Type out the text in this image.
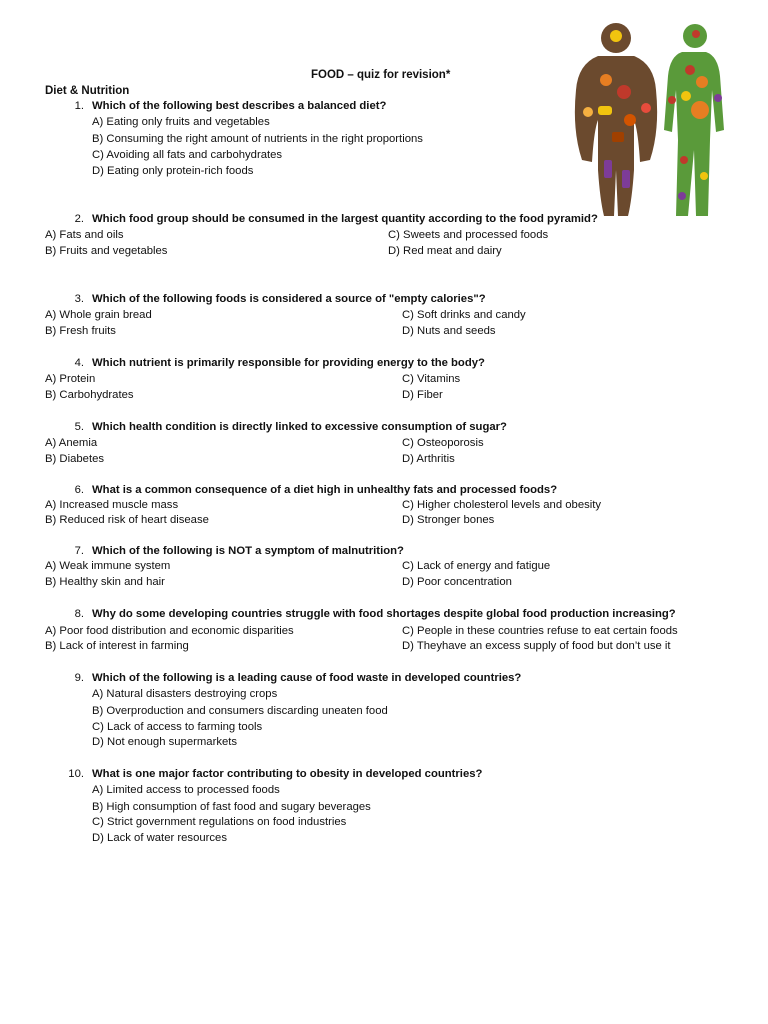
FOOD – quiz for revision*
Diet & Nutrition
1. Which of the following best describes a balanced diet?
A) Eating only fruits and vegetables
B) Consuming the right amount of nutrients in the right proportions
C) Avoiding all fats and carbohydrates
D) Eating only protein-rich foods
2. Which food group should be consumed in the largest quantity according to the food pyramid?
A) Fats and oils	C) Sweets and processed foods
B) Fruits and vegetables	D) Red meat and dairy
3. Which of the following foods is considered a source of "empty calories"?
A) Whole grain bread	C) Soft drinks and candy
B) Fresh fruits	D) Nuts and seeds
4. Which nutrient is primarily responsible for providing energy to the body?
A) Protein	C) Vitamins
B) Carbohydrates	D) Fiber
5. Which health condition is directly linked to excessive consumption of sugar?
A) Anemia	C) Osteoporosis
B) Diabetes	D) Arthritis
6. What is a common consequence of a diet high in unhealthy fats and processed foods?
A) Increased muscle mass	C) Higher cholesterol levels and obesity
B) Reduced risk of heart disease	D) Stronger bones
7. Which of the following is NOT a symptom of malnutrition?
A) Weak immune system	C) Lack of energy and fatigue
B) Healthy skin and hair	D) Poor concentration
8. Why do some developing countries struggle with food shortages despite global food production increasing?
A) Poor food distribution and economic disparities	C) People in these countries refuse to eat certain foods
B) Lack of interest in farming	D) Theyhave an excess supply of food but don’t use it
9. Which of the following is a leading cause of food waste in developed countries?
A) Natural disasters destroying crops
B) Overproduction and consumers discarding uneaten food
C) Lack of access to farming tools
D) Not enough supermarkets
10. What is one major factor contributing to obesity in developed countries?
A) Limited access to processed foods
B) High consumption of fast food and sugary beverages
C) Strict government regulations on food industries
D) Lack of water resources
